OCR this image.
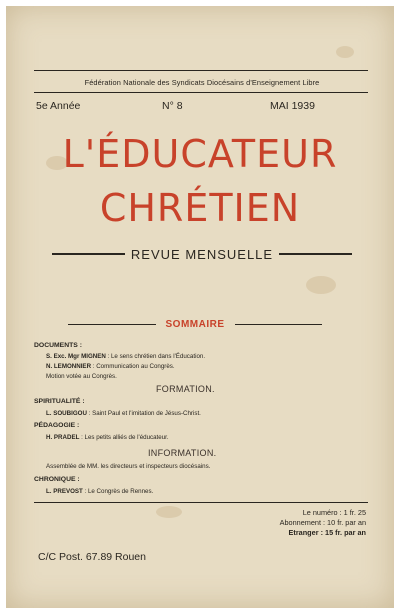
Fédération Nationale des Syndicats Diocésains d'Enseignement Libre
5e Année	N° 8	MAI 1939
L'ÉDUCATEUR
CHRÉTIEN
REVUE MENSUELLE
SOMMAIRE
DOCUMENTS :
S. Exc. Mgr MIGNEN : Le sens chrétien dans l'Éducation.
N. LEMONNIER : Communication au Congrès.
Motion votée au Congrès.
FORMATION.
SPIRITUALITÉ :
L. SOUBIGOU : Saint Paul et l'imitation de Jésus-Christ.
PÉDAGOGIE :
H. PRADEL : Les petits alliés de l'éducateur.
INFORMATION.
Assemblée de MM. les directeurs et inspecteurs diocésains.
CHRONIQUE :
L. PREVOST : Le Congrès de Rennes.
C/C Post. 67.89 Rouen
Le numéro : 1 fr. 25
Abonnement : 10 fr. par an
Etranger : 15 fr. par an
